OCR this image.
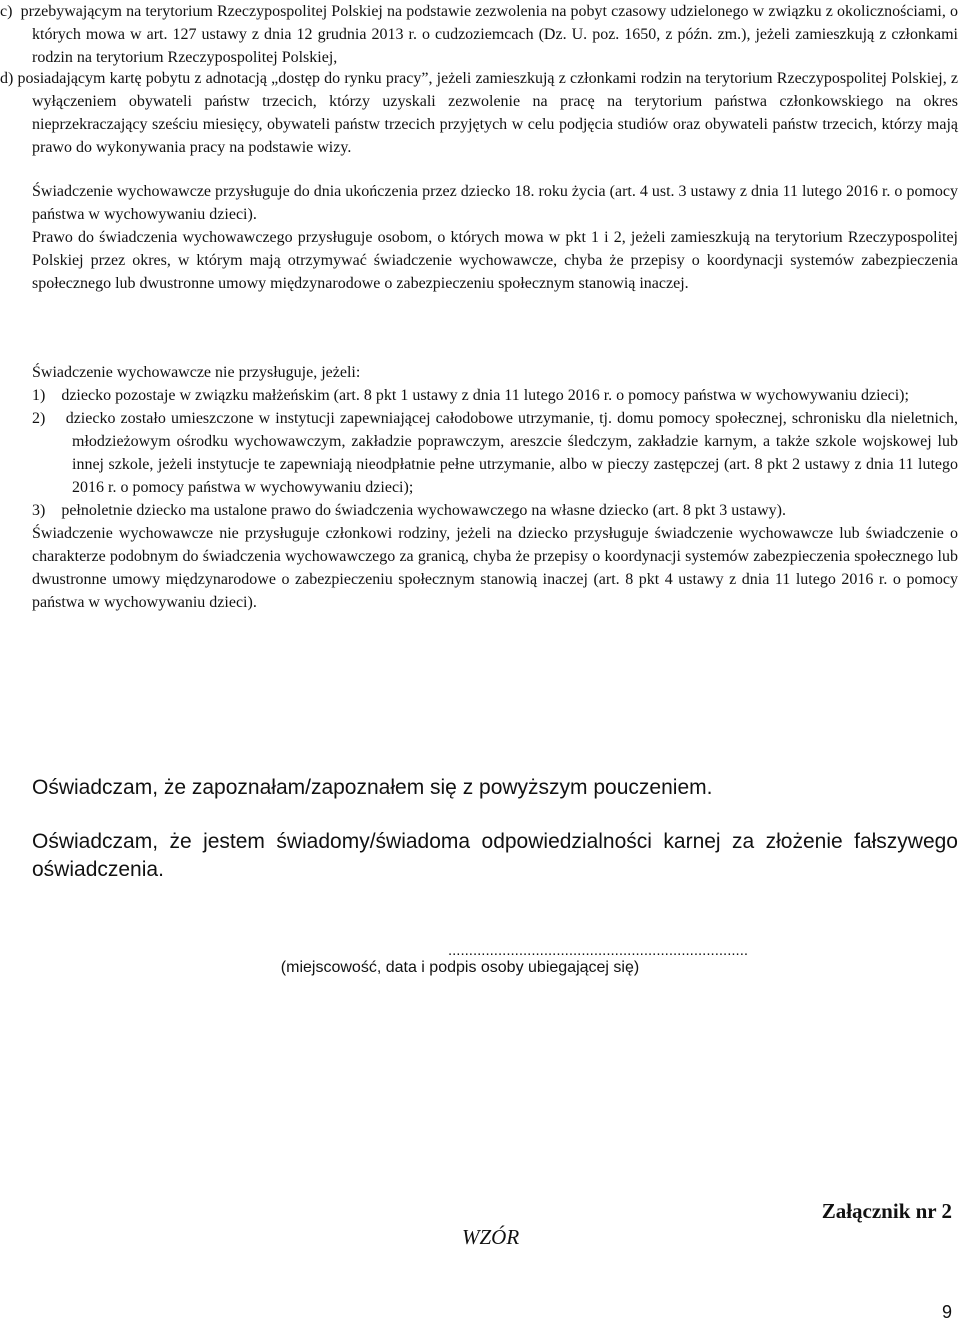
c)  przebywającym na terytorium Rzeczypospolitej Polskiej na podstawie zezwolenia na pobyt czasowy udzielonego w związku z okolicznościami, o których mowa w art. 127 ustawy z dnia 12 grudnia 2013 r. o cudzoziemcach (Dz. U. poz. 1650, z późn. zm.), jeżeli zamieszkują z członkami rodzin na terytorium Rzeczypospolitej Polskiej,

d) posiadającym kartę pobytu z adnotacją „dostęp do rynku pracy”, jeżeli zamieszkują z członkami rodzin na terytorium Rzeczypospolitej Polskiej, z wyłączeniem obywateli państw trzecich, którzy uzyskali zezwolenie na pracę na terytorium państwa członkowskiego na okres nieprzekraczający sześciu miesięcy, obywateli państw trzecich przyjętych w celu podjęcia studiów oraz obywateli państw trzecich, którzy mają prawo do wykonywania pracy na podstawie wizy.

Świadczenie wychowawcze przysługuje do dnia ukończenia przez dziecko 18. roku życia (art. 4 ust. 3 ustawy z dnia 11 lutego 2016 r. o pomocy państwa w wychowywaniu dzieci).

Prawo do świadczenia wychowawczego przysługuje osobom, o których mowa w pkt 1 i 2, jeżeli zamieszkują na terytorium Rzeczypospolitej Polskiej przez okres, w którym mają otrzymywać świadczenie wychowawcze, chyba że przepisy o koordynacji systemów zabezpieczenia społecznego lub dwustronne umowy międzynarodowe o zabezpieczeniu społecznym stanowią inaczej.

Świadczenie wychowawcze nie przysługuje, jeżeli:

1)    dziecko pozostaje w związku małżeńskim (art. 8 pkt 1 ustawy z dnia 11 lutego 2016 r. o pomocy państwa w wychowywaniu dzieci);

2)    dziecko zostało umieszczone w instytucji zapewniającej całodobowe utrzymanie, tj. domu pomocy społecznej, schronisku dla nieletnich, młodzieżowym ośrodku wychowawczym, zakładzie poprawczym, areszcie śledczym, zakładzie karnym, a także szkole wojskowej lub innej szkole, jeżeli instytucje te zapewniają nieodpłatnie pełne utrzymanie, albo w pieczy zastępczej (art. 8 pkt 2 ustawy z dnia 11 lutego 2016 r. o pomocy państwa w wychowywaniu dzieci);

3)    pełnoletnie dziecko ma ustalone prawo do świadczenia wychowawczego na własne dziecko (art. 8 pkt 3 ustawy).

Świadczenie wychowawcze nie przysługuje członkowi rodziny, jeżeli na dziecko przysługuje świadczenie wychowawcze lub świadczenie o charakterze podobnym do świadczenia wychowawczego za granicą, chyba że przepisy o koordynacji systemów zabezpieczenia społecznego lub dwustronne umowy międzynarodowe o zabezpieczeniu społecznym stanowią inaczej (art. 8 pkt 4 ustawy z dnia 11 lutego 2016 r. o pomocy państwa w wychowywaniu dzieci).

Oświadczam, że zapoznałam/zapoznałem się z powyższym pouczeniem.

Oświadczam, że jestem świadomy/świadoma odpowiedzialności karnej za złożenie fałszywego oświadczenia.

........................................................................
(miejscowość, data i podpis osoby ubiegającej się)
Załącznik nr 2
WZÓR
9
